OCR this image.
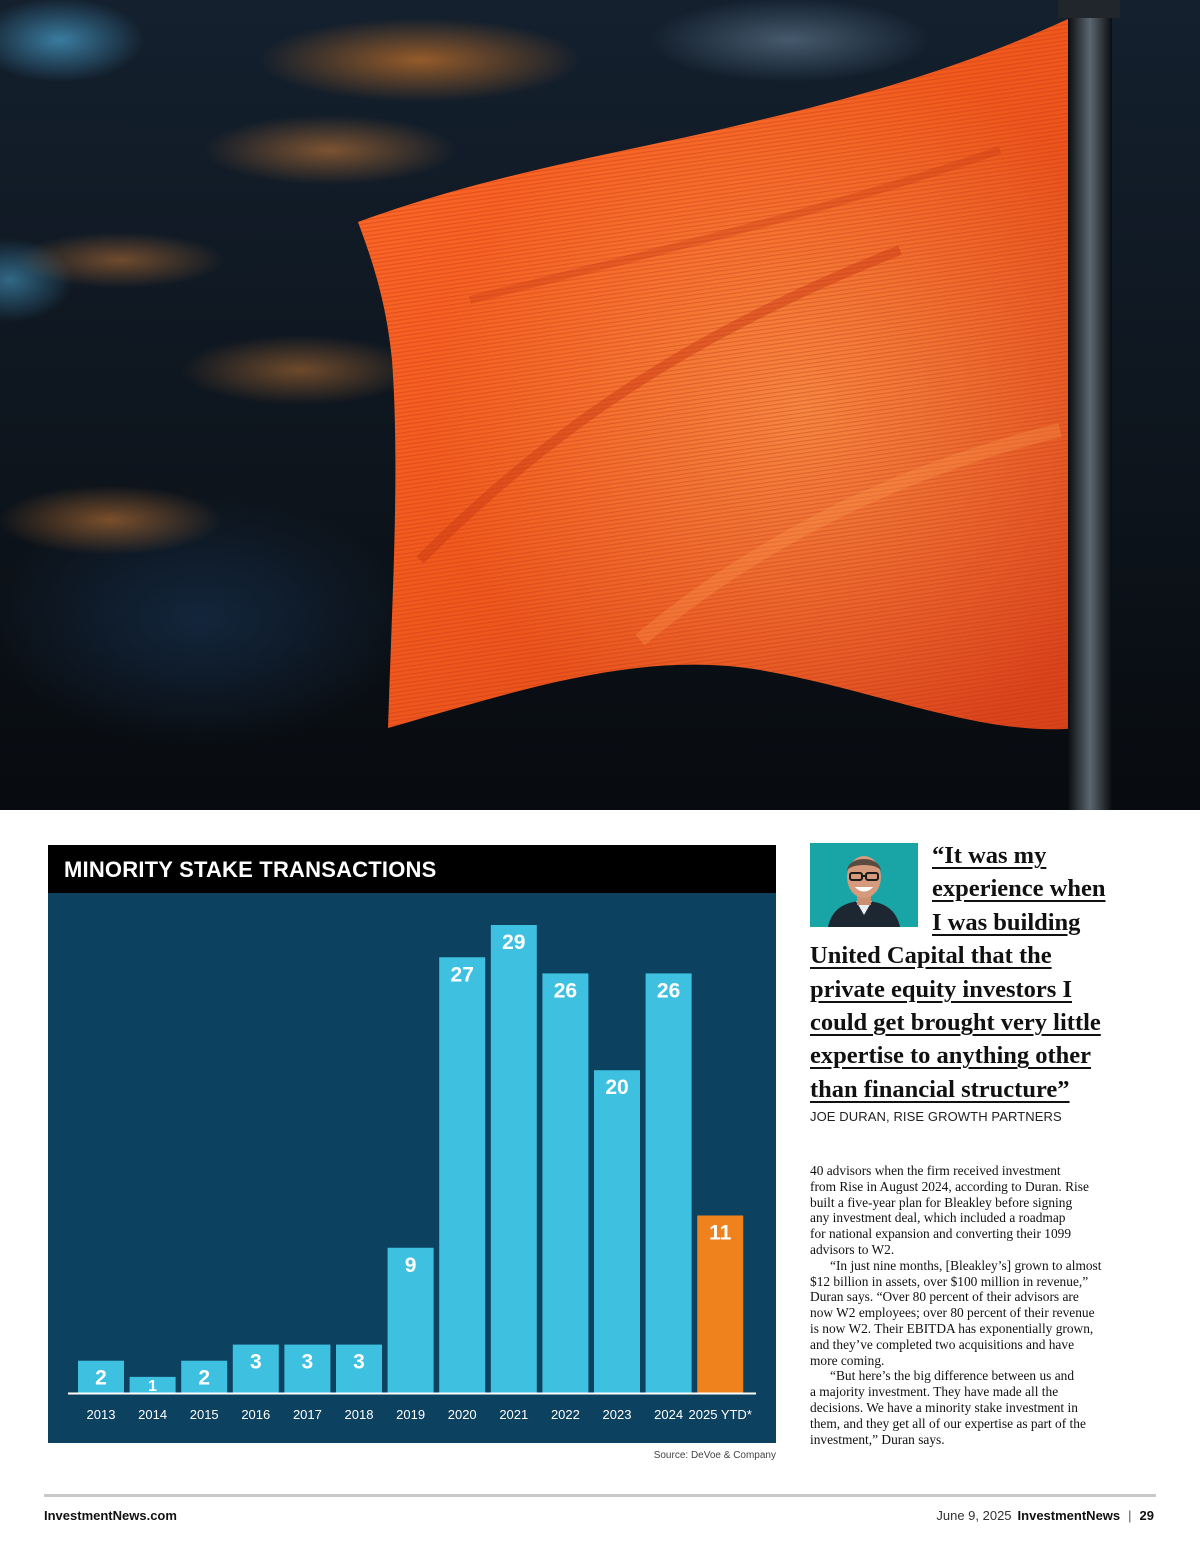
MINORITY STAKE TRANSACTIONS
2
2013
1
2014
2
2015
3
2016
3
2017
3
2018
9
2019
27
2020
29
2021
26
2022
20
2023
26
2024
11
2025 YTD*
Source: DeVoe & Company
“It was my
experience when
I was building
United Capital that the
private equity investors I
could get brought very little
expertise to anything other
than financial structure”
JOE DURAN, RISE GROWTH PARTNERS
40 advisors when the firm received investment
from Rise in August 2024, according to Duran. Rise
built a five-year plan for Bleakley before signing
any investment deal, which included a roadmap
for national expansion and converting their 1099
advisors to W2.
“In just nine months, [Bleakley’s] grown to almost
$12 billion in assets, over $100 million in revenue,”
Duran says. “Over 80 percent of their advisors are
now W2 employees; over 80 percent of their revenue
is now W2. Their EBITDA has exponentially grown,
and they’ve completed two acquisitions and have
more coming.
“But here’s the big difference between us and
a majority investment. They have made all the
decisions. We have a minority stake investment in
them, and they get all of our expertise as part of the
investment,” Duran says.
InvestmentNews.com	June 9, 2025 InvestmentNews | 29
